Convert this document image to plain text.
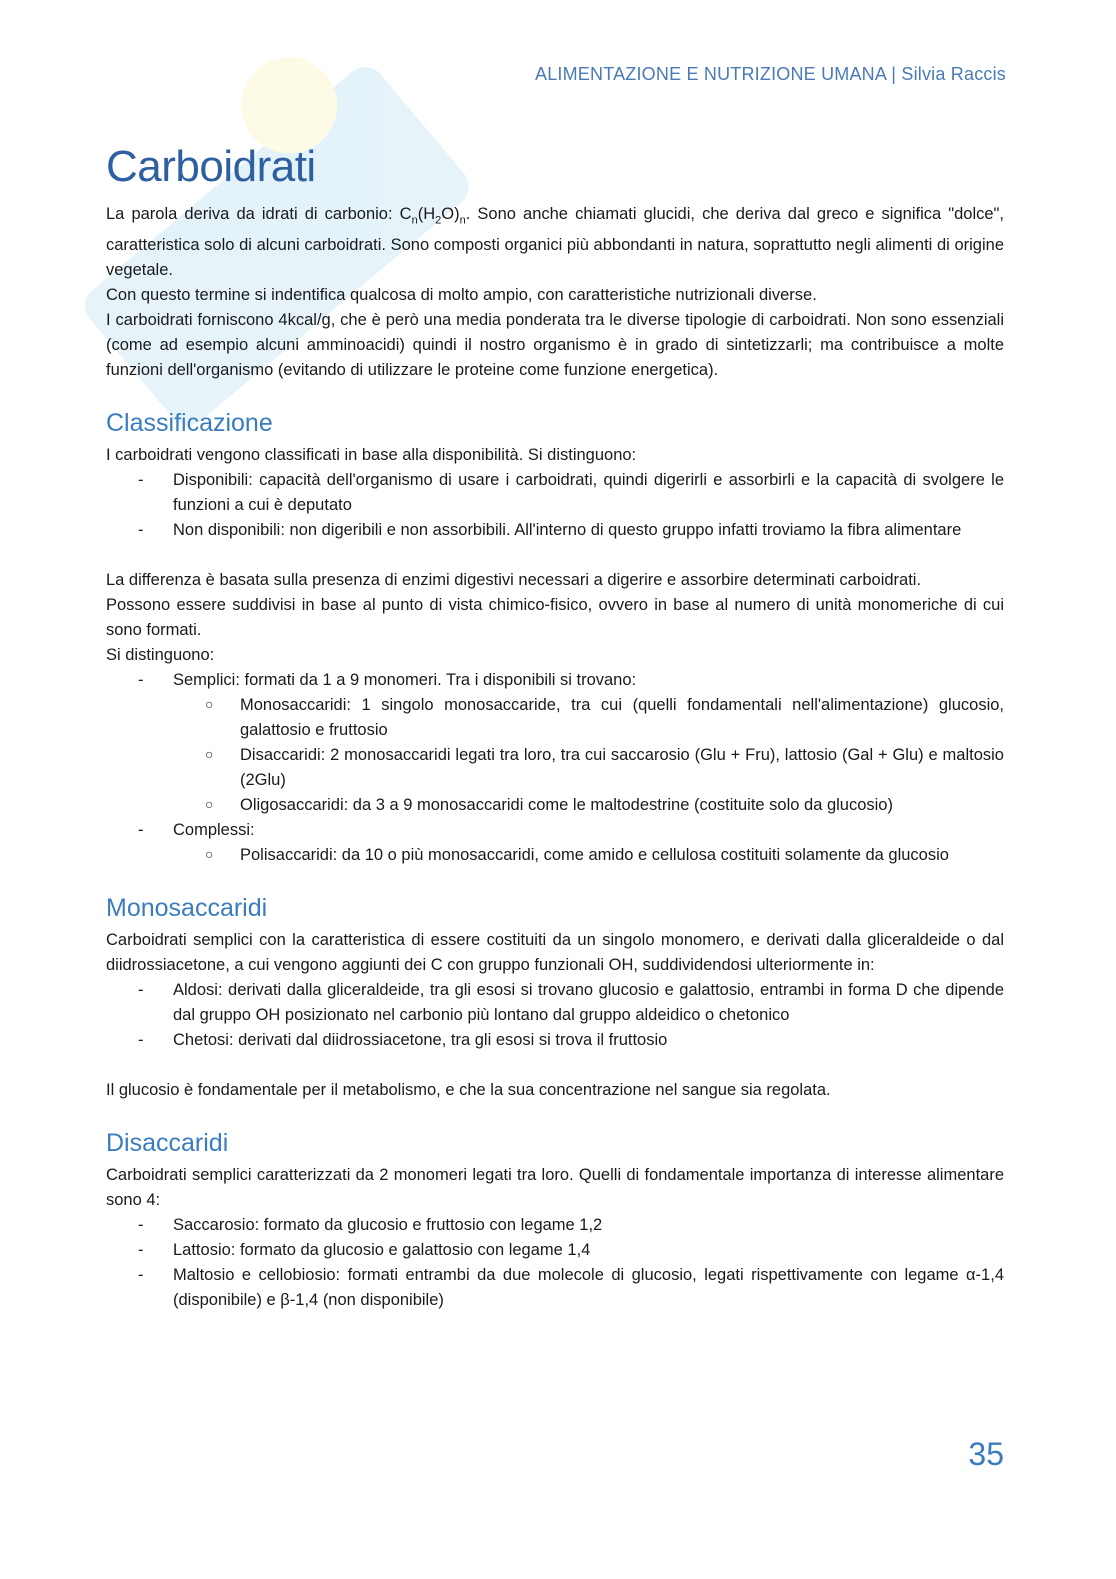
ALIMENTAZIONE E NUTRIZIONE UMANA | Silvia Raccis
Carboidrati

La parola deriva da idrati di carbonio: $C_n(H_2O)_n$. Sono anche chiamati glucidi, che deriva dal greco e significa "dolce", caratteristica solo di alcuni carboidrati. Sono composti organici più abbondanti in natura, soprattutto negli alimenti di origine vegetale.

Con questo termine si indentifica qualcosa di molto ampio, con caratteristiche nutrizionali diverse.

I carboidrati forniscono 4kcal/g, che è però una media ponderata tra le diverse tipologie di carboidrati. Non sono essenziali (come ad esempio alcuni amminoacidi) quindi il nostro organismo è in grado di sintetizzarli; ma contribuisce a molte funzioni dell'organismo (evitando di utilizzare le proteine come funzione energetica).

Classificazione

I carboidrati vengono classificati in base alla disponibilità. Si distinguono:

- Disponibili: capacità dell'organismo di usare i carboidrati, quindi digerirli e assorbirli e la capacità di svolgere le funzioni a cui è deputato
- Non disponibili: non digeribili e non assorbibili. All'interno di questo gruppo infatti troviamo la fibra alimentare

La differenza è basata sulla presenza di enzimi digestivi necessari a digerire e assorbire determinati carboidrati.

Possono essere suddivisi in base al punto di vista chimico-fisico, ovvero in base al numero di unità monomeriche di cui sono formati.

Si distinguono:

- Semplici: formati da 1 a 9 monomeri. Tra i disponibili si trovano:
○ Monosaccaridi: 1 singolo monosaccaride, tra cui (quelli fondamentali nell'alimentazione) glucosio, galattosio e fruttosio
○ Disaccaridi: 2 monosaccaridi legati tra loro, tra cui saccarosio (Glu + Fru), lattosio (Gal + Glu) e maltosio (2Glu)
○ Oligosaccaridi: da 3 a 9 monosaccaridi come le maltodestrine (costituite solo da glucosio)
- Complessi:
○ Polisaccaridi: da 10 o più monosaccaridi, come amido e cellulosa costituiti solamente da glucosio
Monosaccaridi

Carboidrati semplici con la caratteristica di essere costituiti da un singolo monomero, e derivati dalla gliceraldeide o dal diidrossiacetone, a cui vengono aggiunti dei C con gruppo funzionali OH, suddividendosi ulteriormente in:

- Aldosi: derivati dalla gliceraldeide, tra gli esosi si trovano glucosio e galattosio, entrambi in forma D che dipende dal gruppo OH posizionato nel carbonio più lontano dal gruppo aldeidico o chetonico
- Chetosi: derivati dal diidrossiacetone, tra gli esosi si trova il fruttosio

Il glucosio è fondamentale per il metabolismo, e che la sua concentrazione nel sangue sia regolata.

Disaccaridi

Carboidrati semplici caratterizzati da 2 monomeri legati tra loro. Quelli di fondamentale importanza di interesse alimentare sono 4:

- Saccarosio: formato da glucosio e fruttosio con legame 1,2
- Lattosio: formato da glucosio e galattosio con legame 1,4
- Maltosio e cellobiosio: formati entrambi da due molecole di glucosio, legati rispettivamente con legame α-1,4 (disponibile) e β-1,4 (non disponibile)
35
